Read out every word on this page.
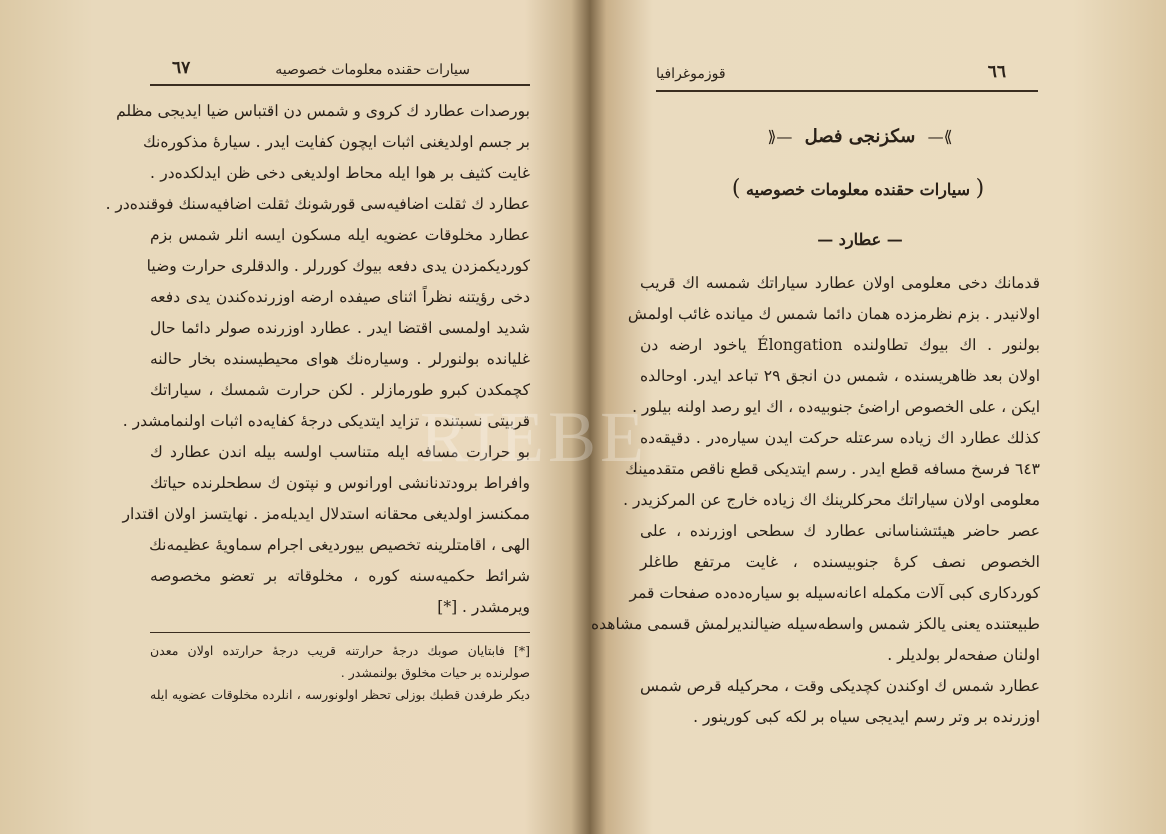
سیارات حقنده معلومات خصوصیه
٦٧
بورصدات عطارد ك كروى و شمس دن اقتباس ضیا ایدیجی مظلم
بر جسم اولدیغنى اثبات ایچون کفایت ایدر . سیارهٔ مذکوره‌نك
غایت کثیف بر هوا ایله محاط اولدیغى دخی ظن ایدلکده‌در .
عطارد ك ثقلت اضافیه‌سی قورشونك ثقلت اضافیه‌سنك فوقنده‌در .
عطارد مخلوقات عضویه ایله مسکون ایسه انلر شمس بزم
کورديکمزدن يدى دفعه بیوك کوررلر . والدقلری حرارت وضیا
دخی رؤیتنه نظراً اثنای صیفده ارضه اوزرنده‌کندن یدی دفعه
شدید اولمسی اقتضا ایدر . عطارد اوزرنده صولر دائما حال
غلیانده بولنورلر . وسیاره‌نك هوای محیطیسنده بخار حالنه
کچمکدن کبرو طورمازلر . لکن حرارت شمسك ، سیاراتك
قربیتی نسبتنده ، تزاید ایتدیکی درجهٔ کفایه‌ده اثبات اولنمامشدر .
بو حرارت مسافه ایله متناسب اولسه بیله اندن عطارد ك
وافراط برودتدنانشی اورانوس و نپتون ك سطحلرنده حیاتك
ممکنسز اولدیغى محقانه استدلال ایدیله‌مز . نهایتسز اولان اقتدار
الهی ، اقامتلرینه تخصیص بیوردیغى اجرام سماویهٔ عظیمه‌نك
شرائط حکمیه‌سنه کوره ، مخلوقاته بر تعضو مخصوصه
ویرمشدر . [*]
[*] فابتایان صوبك درجهٔ حرارتنه قریب درجهٔ حرارتده اولان معدن
صولرنده بر حیات مخلوق بولنمشدر .
دیکر طرفدن قطبك بوزلى تحظر اولونورسه‌ ، انلرده مخلوقات عضویه ایله
قوزموغرافیا	٦٦
⟫— سکزنجی فصل —⟪
( سیارات حقنده معلومات خصوصیه )
— عطارد —
قدمانك دخی معلومی اولان عطارد سیاراتك شمسه اك قریب
اولانیدر . بزم نظرمزده همان دائما شمس ك میانده غائب اولمش
بولنور . اك بیوك تطاولنده Élongation یاخود ارضه دن
اولان بعد ظاهریسنده ، شمس دن انجق ٢٩ تباعد ایدر. اوحالده
ایکن ، علی الخصوص اراضیٔ جنوبیه‌ده ، اك ایو رصد اولنه بیلور .
کذلك عطارد اك زیاده سرعتله حرکت ایدن سیاره‌در . دقیقه‌ده
٦٤٣ فرسخ مسافه قطع ایدر . رسم ایتدیکی قطع ناقص متقدمینك
معلومی اولان سیاراتك محرکلرینك اك زیاده خارج عن المرکزیدر .
عصر حاضر هیئتشناسانی عطارد ك سطحی اوزرنده ، علی
الخصوص نصف کرهٔ جنوبیسنده ، غایت مرتفع طاغلر
کوردکاری کبی آلات مکمله اعانه‌سیله بو سیاره‌ده‌ده صفحات قمر
طبیعتنده یعنی یالکز شمس واسطه‌سیله ضیالندیرلمش قسمی مشاهده
اولنان صفحه‌لر بولدیلر .
عطارد شمس ك اوکندن کچدیکی وقت ، محرکیله قرص شمس
اوزرنده بر وتر رسم ایدیجی سیاه بر لکه کبی کورینور .
RIEBE
